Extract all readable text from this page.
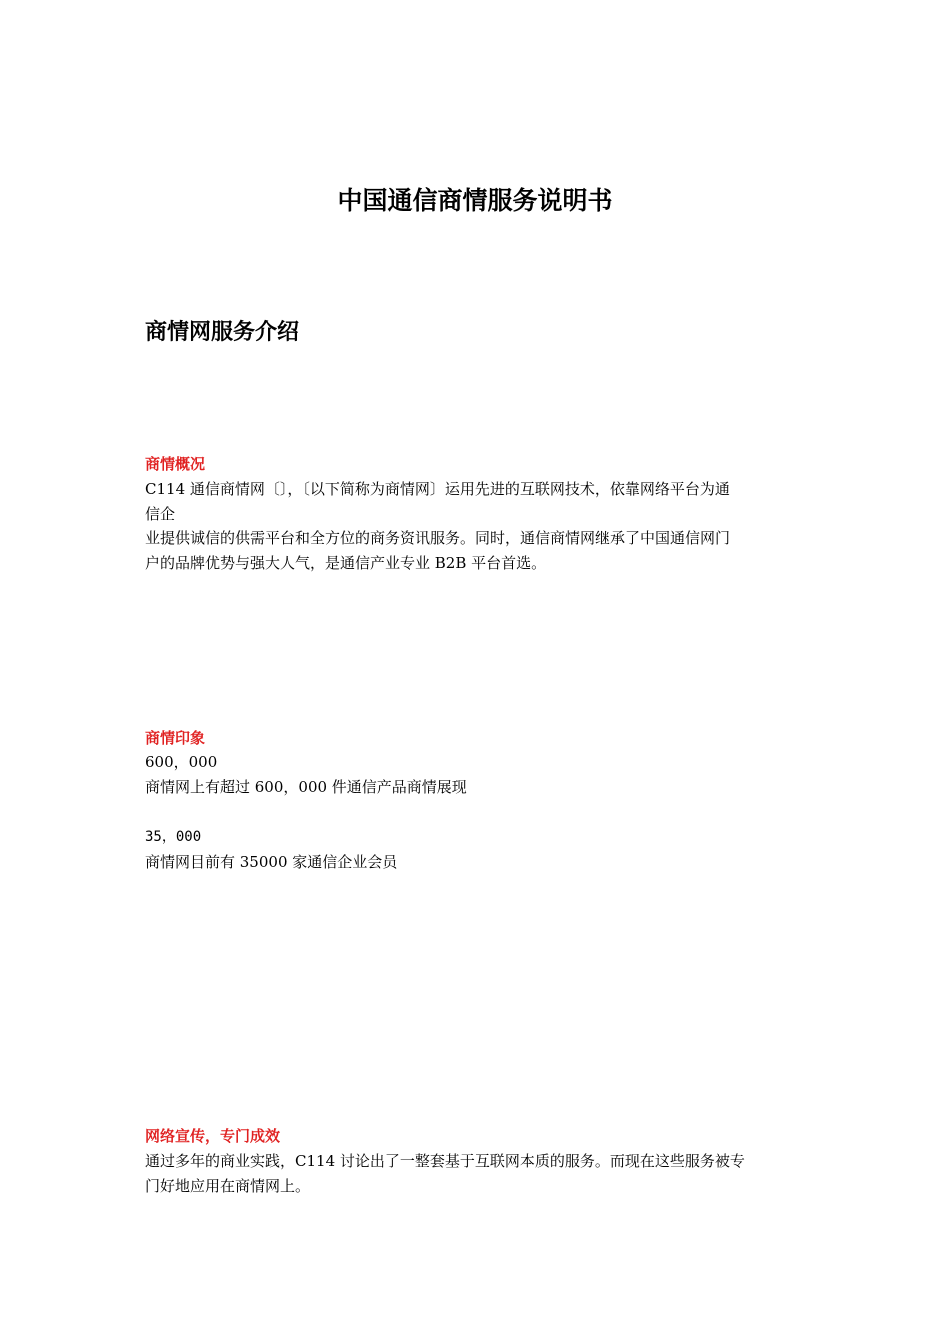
中国通信商情服务说明书
商情网服务介绍
商情概况
C114 通信商情网〔〕，〔以下简称为商情网〕运用先进的互联网技术，依靠网络平台为通
信企
业提供诚信的供需平台和全方位的商务资讯服务。同时，通信商情网继承了中国通信网门
户的品牌优势与强大人气，是通信产业专业 B2B 平台首选。
商情印象
600，000
商情网上有超过 600，000 件通信产品商情展现
35，000
商情网目前有 35000 家通信企业会员
网络宣传，专门成效
通过多年的商业实践，C114 讨论出了一整套基于互联网本质的服务。而现在这些服务被专
门好地应用在商情网上。
